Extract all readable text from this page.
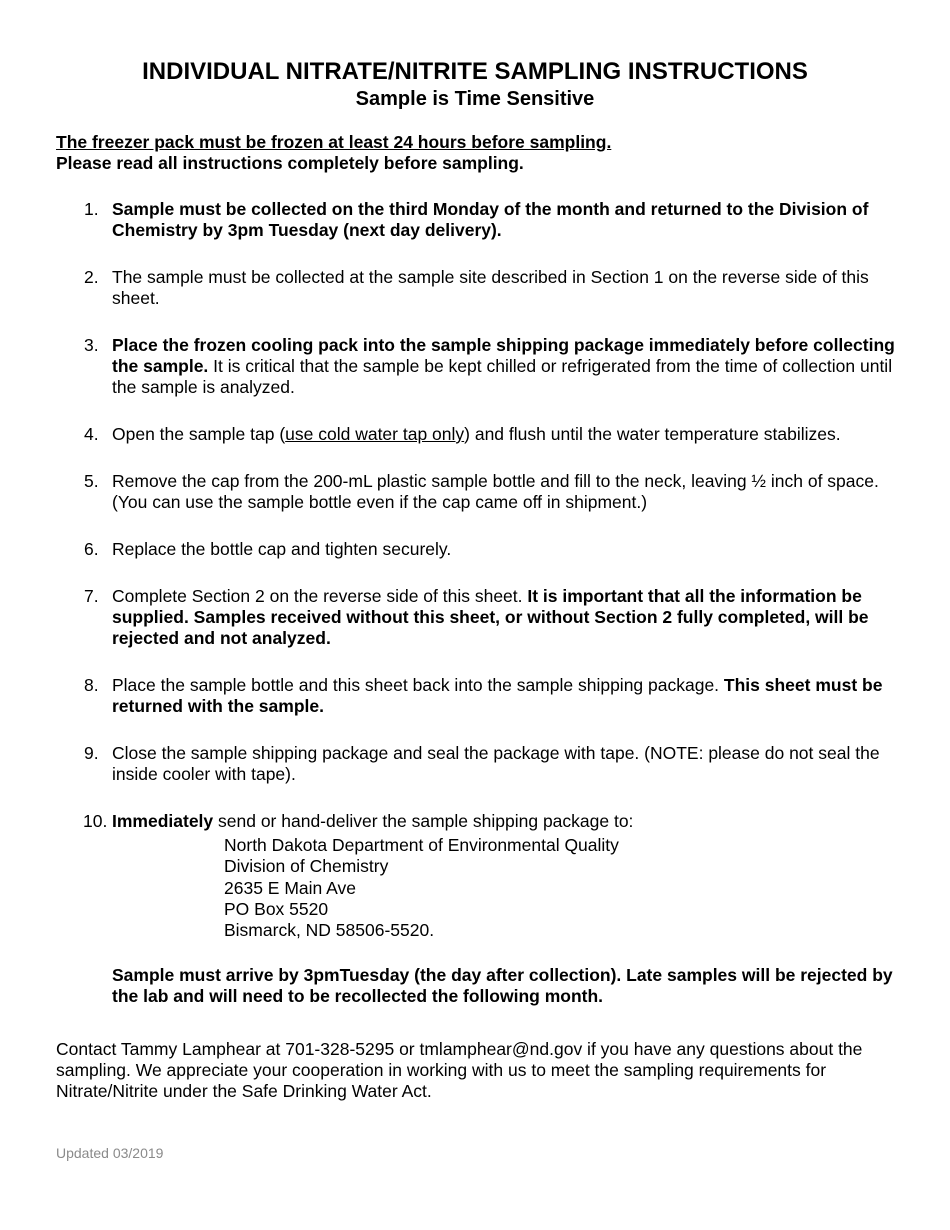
INDIVIDUAL NITRATE/NITRITE SAMPLING INSTRUCTIONS
Sample is Time Sensitive
The freezer pack must be frozen at least 24 hours before sampling.
Please read all instructions completely before sampling.
1. Sample must be collected on the third Monday of the month and returned to the Division of Chemistry by 3pm Tuesday (next day delivery).
2. The sample must be collected at the sample site described in Section 1 on the reverse side of this sheet.
3. Place the frozen cooling pack into the sample shipping package immediately before collecting the sample. It is critical that the sample be kept chilled or refrigerated from the time of collection until the sample is analyzed.
4. Open the sample tap (use cold water tap only) and flush until the water temperature stabilizes.
5. Remove the cap from the 200-mL plastic sample bottle and fill to the neck, leaving ½ inch of space. (You can use the sample bottle even if the cap came off in shipment.)
6. Replace the bottle cap and tighten securely.
7. Complete Section 2 on the reverse side of this sheet. It is important that all the information be supplied. Samples received without this sheet, or without Section 2 fully completed, will be rejected and not analyzed.
8. Place the sample bottle and this sheet back into the sample shipping package. This sheet must be returned with the sample.
9. Close the sample shipping package and seal the package with tape. (NOTE: please do not seal the inside cooler with tape).
10. Immediately send or hand-deliver the sample shipping package to:
North Dakota Department of Environmental Quality
Division of Chemistry
2635 E Main Ave
PO Box 5520
Bismarck, ND 58506-5520.
Sample must arrive by 3pmTuesday (the day after collection). Late samples will be rejected by the lab and will need to be recollected the following month.
Contact Tammy Lamphear at 701-328-5295 or tmlamphear@nd.gov if you have any questions about the sampling. We appreciate your cooperation in working with us to meet the sampling requirements for Nitrate/Nitrite under the Safe Drinking Water Act.
Updated 03/2019
